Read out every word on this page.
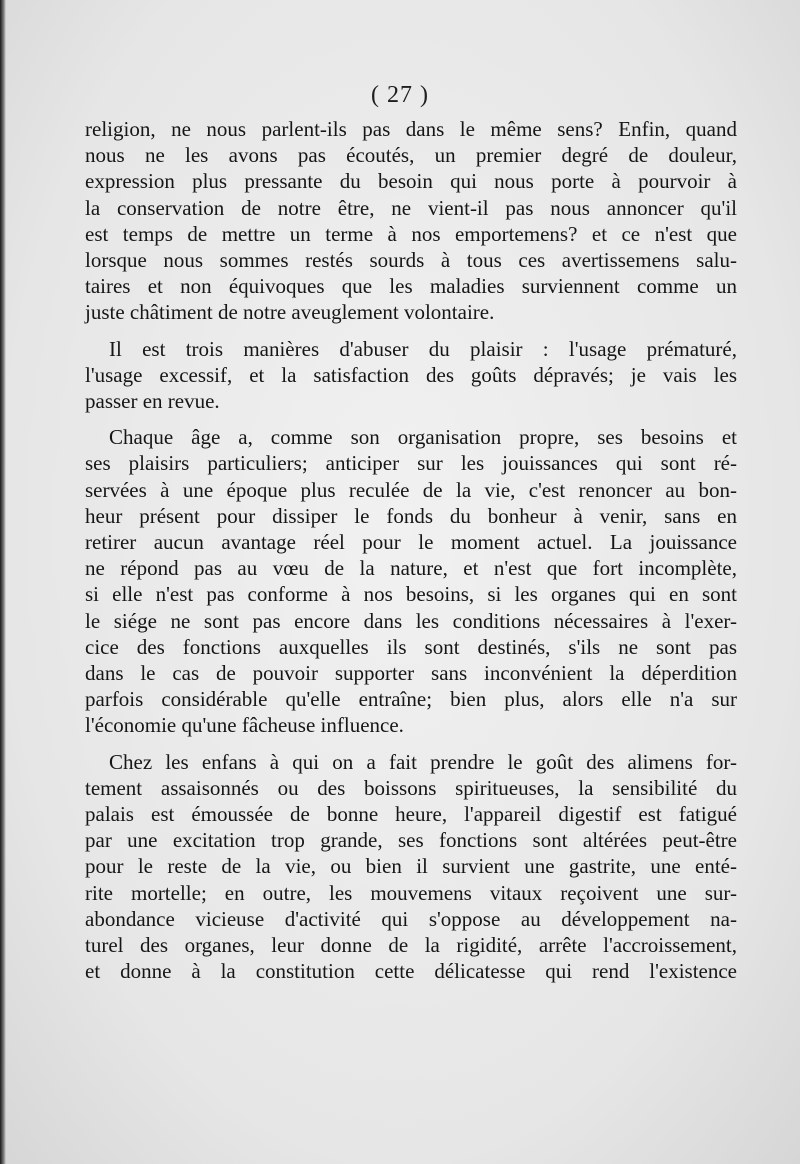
( 27 )

religion, ne nous parlent-ils pas dans le même sens? Enfin, quand
nous ne les avons pas écoutés, un premier degré de douleur,
expression plus pressante du besoin qui nous porte à pourvoir à
la conservation de notre être, ne vient-il pas nous annoncer qu'il
est temps de mettre un terme à nos emportemens? et ce n'est que
lorsque nous sommes restés sourds à tous ces avertissemens salu-
taires et non équivoques que les maladies surviennent comme un
juste châtiment de notre aveuglement volontaire.

Il est trois manières d'abuser du plaisir : l'usage prématuré,
l'usage excessif, et la satisfaction des goûts dépravés; je vais les
passer en revue.

Chaque âge a, comme son organisation propre, ses besoins et
ses plaisirs particuliers; anticiper sur les jouissances qui sont ré-
servées à une époque plus reculée de la vie, c'est renoncer au bon-
heur présent pour dissiper le fonds du bonheur à venir, sans en
retirer aucun avantage réel pour le moment actuel. La jouissance
ne répond pas au vœu de la nature, et n'est que fort incomplète,
si elle n'est pas conforme à nos besoins, si les organes qui en sont
le siége ne sont pas encore dans les conditions nécessaires à l'exer-
cice des fonctions auxquelles ils sont destinés, s'ils ne sont pas
dans le cas de pouvoir supporter sans inconvénient la déperdition
parfois considérable qu'elle entraîne; bien plus, alors elle n'a sur
l'économie qu'une fâcheuse influence.

Chez les enfans à qui on a fait prendre le goût des alimens for-
tement assaisonnés ou des boissons spiritueuses, la sensibilité du
palais est émoussée de bonne heure, l'appareil digestif est fatigué
par une excitation trop grande, ses fonctions sont altérées peut-être
pour le reste de la vie, ou bien il survient une gastrite, une enté-
rite mortelle; en outre, les mouvemens vitaux reçoivent une sur-
abondance vicieuse d'activité qui s'oppose au développement na-
turel des organes, leur donne de la rigidité, arrête l'accroissement,
et donne à la constitution cette délicatesse qui rend l'existence
